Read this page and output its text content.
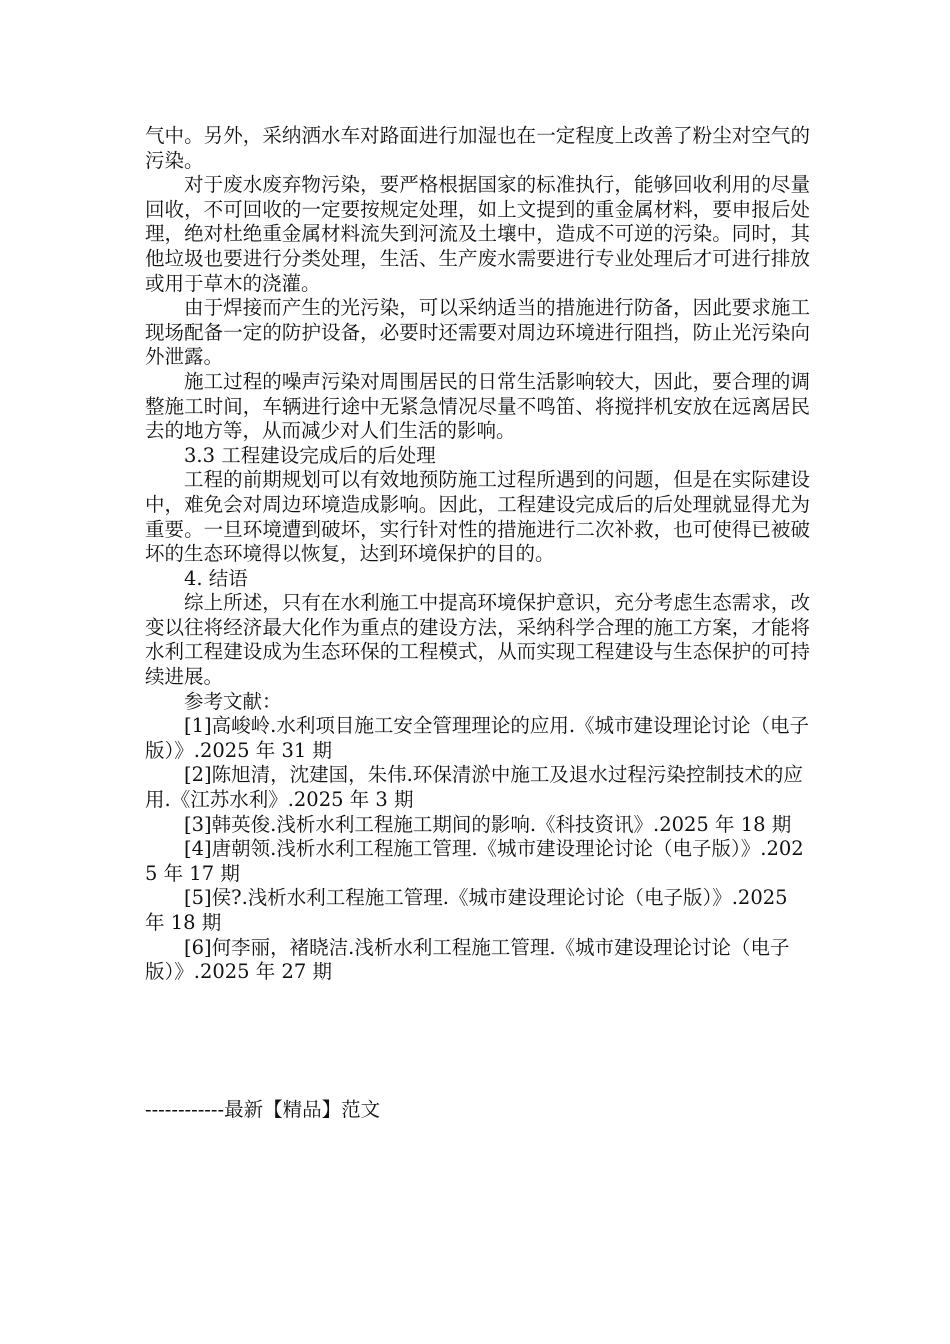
气中。另外，采纳洒水车对路面进行加湿也在一定程度上改善了粉尘对空气的污染。

对于废水废弃物污染，要严格根据国家的标准执行，能够回收利用的尽量回收，不可回收的一定要按规定处理，如上文提到的重金属材料，要申报后处理，绝对杜绝重金属材料流失到河流及土壤中，造成不可逆的污染。同时，其他垃圾也要进行分类处理，生活、生产废水需要进行专业处理后才可进行排放或用于草木的浇灌。

由于焊接而产生的光污染，可以采纳适当的措施进行防备，因此要求施工现场配备一定的防护设备，必要时还需要对周边环境进行阻挡，防止光污染向外泄露。

施工过程的噪声污染对周围居民的日常生活影响较大，因此，要合理的调整施工时间，车辆进行途中无紧急情况尽量不鸣笛、将搅拌机安放在远离居民去的地方等，从而减少对人们生活的影响。

3.3 工程建设完成后的后处理

工程的前期规划可以有效地预防施工过程所遇到的问题，但是在实际建设中，难免会对周边环境造成影响。因此，工程建设完成后的后处理就显得尤为重要。一旦环境遭到破坏，实行针对性的措施进行二次补救，也可使得已被破坏的生态环境得以恢复，达到环境保护的目的。

4. 结语

综上所述，只有在水利施工中提高环境保护意识，充分考虑生态需求，改变以往将经济最大化作为重点的建设方法，采纳科学合理的施工方案，才能将水利工程建设成为生态环保的工程模式，从而实现工程建设与生态保护的可持续进展。

参考文献：

[1]高峻岭.水利项目施工安全管理理论的应用.《城市建设理论讨论（电子版）》.2025 年 31 期

[2]陈旭清，沈建国，朱伟.环保清淤中施工及退水过程污染控制技术的应用.《江苏水利》.2025 年 3 期

[3]韩英俊.浅析水利工程施工期间的影响.《科技资讯》.2025 年 18 期

[4]唐朝领.浅析水利工程施工管理.《城市建设理论讨论（电子版）》.2025 年 17 期

[5]侯?.浅析水利工程施工管理.《城市建设理论讨论（电子版）》.2025 年 18 期

[6]何李丽，褚晓洁.浅析水利工程施工管理.《城市建设理论讨论（电子版）》.2025 年 27 期

------------最新【精品】范文
